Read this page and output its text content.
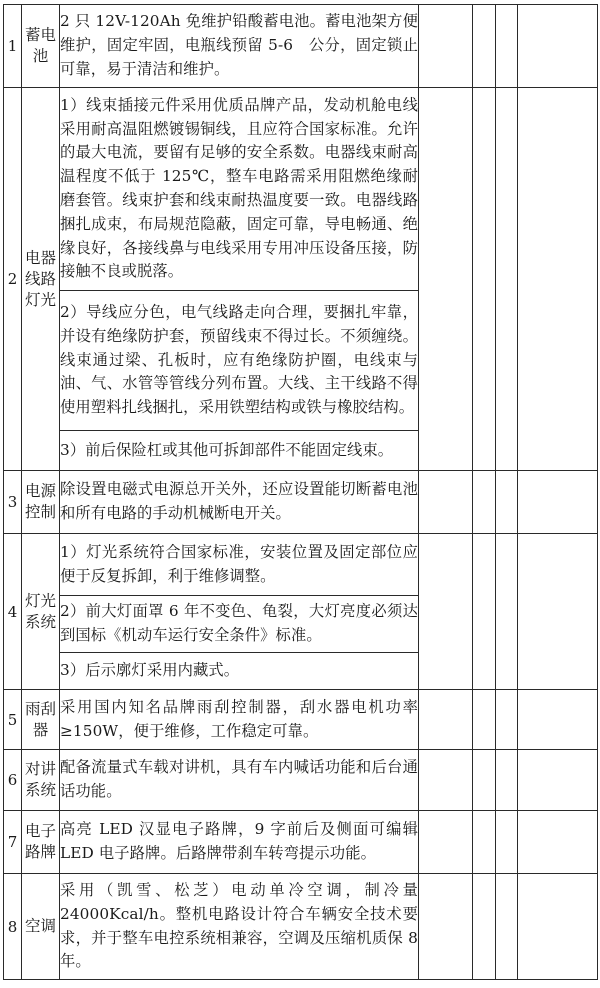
1	蓄电池	2 只 12V-120Ah 免维护铅酸蓄电池。蓄电池架方便维护，固定牢固，电瓶线预留 5-6　公分，固定锁止可靠，易于清洁和维护。				
2	电器线路灯光	1）线束插接元件采用优质品牌产品，发动机舱电线采用耐高温阻燃镀锡铜线，且应符合国家标准。允许的最大电流，要留有足够的安全系数。电器线束耐高温程度不低于 125℃，整车电路需采用阻燃绝缘耐磨套管。线束护套和线束耐热温度要一致。电器线路捆扎成束，布局规范隐蔽，固定可靠，导电畅通、绝缘良好，各接线鼻与电线采用专用冲压设备压接，防接触不良或脱落。				
		2）导线应分色，电气线路走向合理，要捆扎牢靠，并设有绝缘防护套，预留线束不得过长。不须缠绕。线束通过梁、孔板时，应有绝缘防护圈，电线束与油、气、水管等管线分列布置。大线、主干线路不得使用塑料扎线捆扎，采用铁塑结构或铁与橡胶结构。				
		3）前后保险杠或其他可拆卸部件不能固定线束。				
3	电源控制	除设置电磁式电源总开关外，还应设置能切断蓄电池和所有电路的手动机械断电开关。				
4	灯光系统	1）灯光系统符合国家标准，安装位置及固定部位应便于反复拆卸，利于维修调整。				
		2）前大灯面罩 6 年不变色、龟裂，大灯亮度必须达到国标《机动车运行安全条件》标准。				
		3）后示廓灯采用内藏式。				
5	雨刮器	采用国内知名品牌雨刮控制器，刮水器电机功率≥150W，便于维修，工作稳定可靠。				
6	对讲系统	配备流量式车载对讲机，具有车内喊话功能和后台通话功能。				
7	电子路牌	高亮 LED 汉显电子路牌，9 字前后及侧面可编辑 LED 电子路牌。后路牌带刹车转弯提示功能。				
8	空调	采用（凯雪、松芝）电动单冷空调，制冷量 24000Kcal/h。整机电路设计符合车辆安全技术要求，并于整车电控系统相兼容，空调及压缩机质保 8 年。				
